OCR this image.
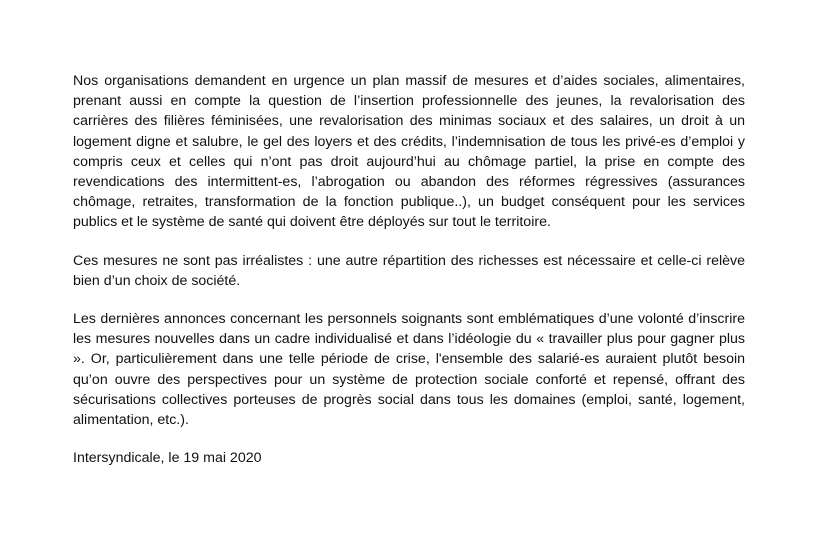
Nos organisations demandent en urgence un plan massif de mesures et d’aides sociales, alimentaires, prenant aussi en compte la question de l’insertion professionnelle des jeunes, la revalorisation des carrières des filières féminisées, une revalorisation des minimas sociaux et des salaires, un droit à un logement digne et salubre, le gel des loyers et des crédits, l’indemnisation de tous les privé-es d’emploi y compris ceux et celles qui n’ont pas droit aujourd’hui au chômage partiel, la prise en compte des revendications des intermittent-es, l’abrogation ou abandon des réformes régressives (assurances chômage, retraites, transformation de la fonction publique..), un budget conséquent pour les services publics et le système de santé qui doivent être déployés sur tout le territoire.

Ces mesures ne sont pas irréalistes : une autre répartition des richesses est nécessaire et celle-ci relève bien d’un choix de société.

Les dernières annonces concernant les personnels soignants sont emblématiques d’une volonté d’inscrire les mesures nouvelles dans un cadre individualisé et dans l’idéologie du « travailler plus pour gagner plus ». Or, particulièrement dans une telle période de crise, l'ensemble des salarié-es auraient plutôt besoin qu’on ouvre des perspectives pour un système de protection sociale conforté et repensé, offrant des sécurisations collectives porteuses de progrès social dans tous les domaines (emploi, santé, logement, alimentation, etc.).

Intersyndicale, le 19 mai 2020
